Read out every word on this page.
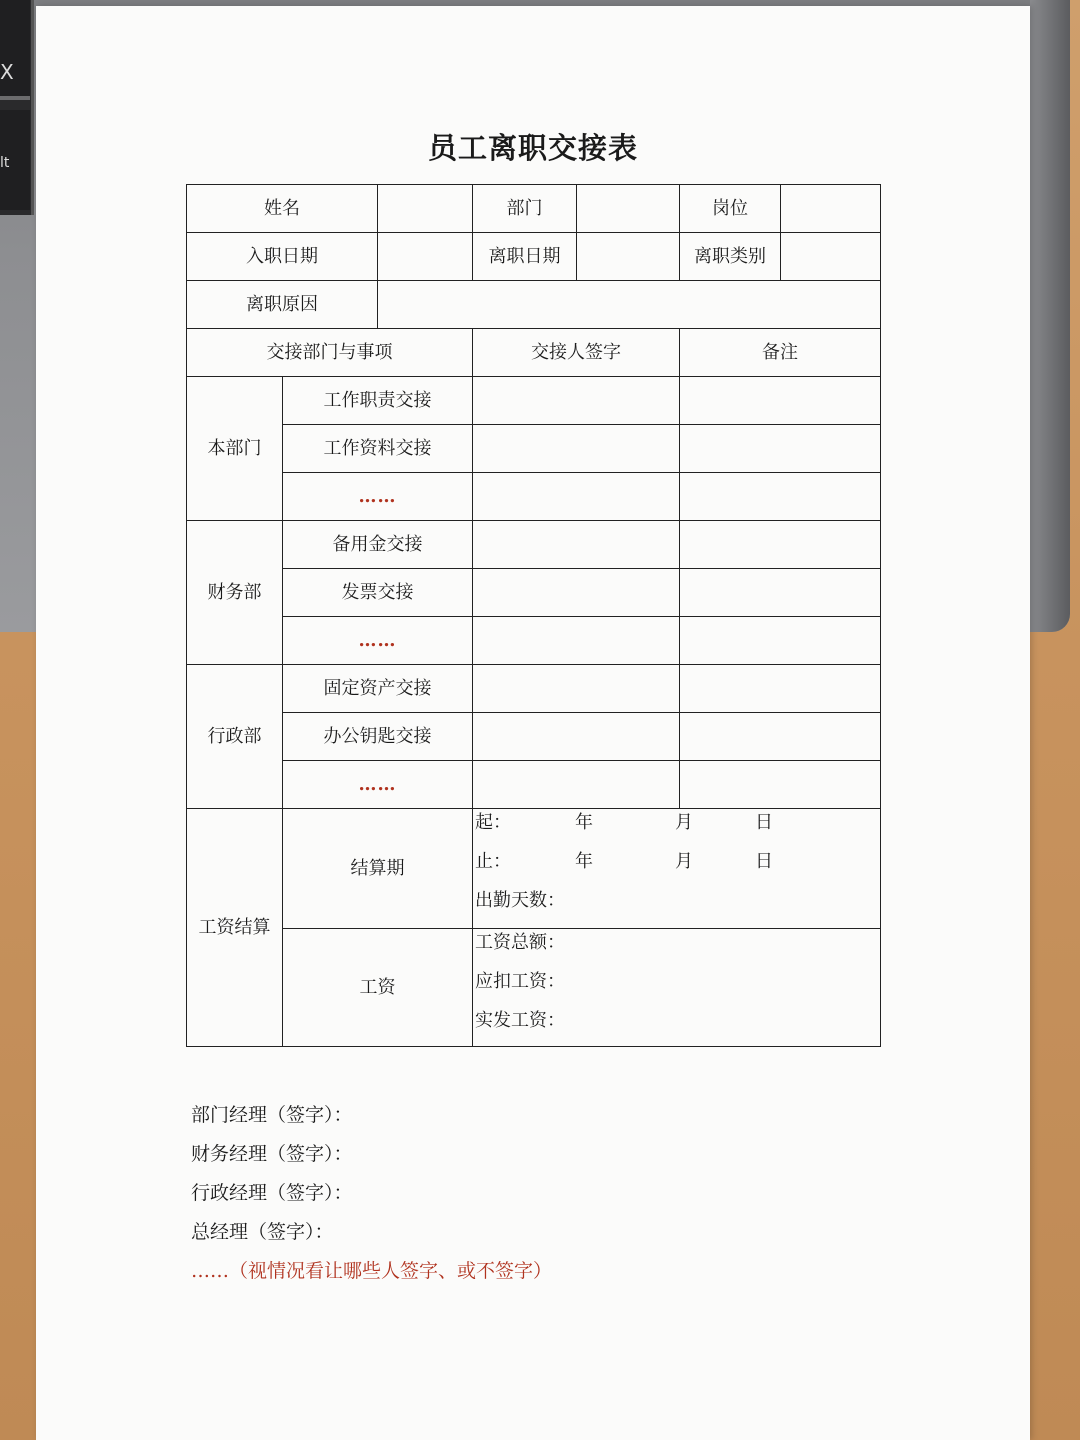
X
lt	员工离职交接表
姓名			部门		岗位	
入职日期			离职日期		离职类别	
离职原因						
交接部门与事项			交接人签字		备注	
本部门	工作职责交接					
	工作资料交接					
	……					
财务部	备用金交接					
	发票交接					
	……					
行政部	固定资产交接					
	办公钥匙交接					
	……					
工资结算	结算期		起： 年 月 日
止： 年 月 日
出勤天数：			

	工资		工资总额：
应扣工资：
实发工资：			
部门经理（签字）：
财务经理（签字）：
行政经理（签字）：
总经理（签字）：
……（视情况看让哪些人签字、或不签字）
